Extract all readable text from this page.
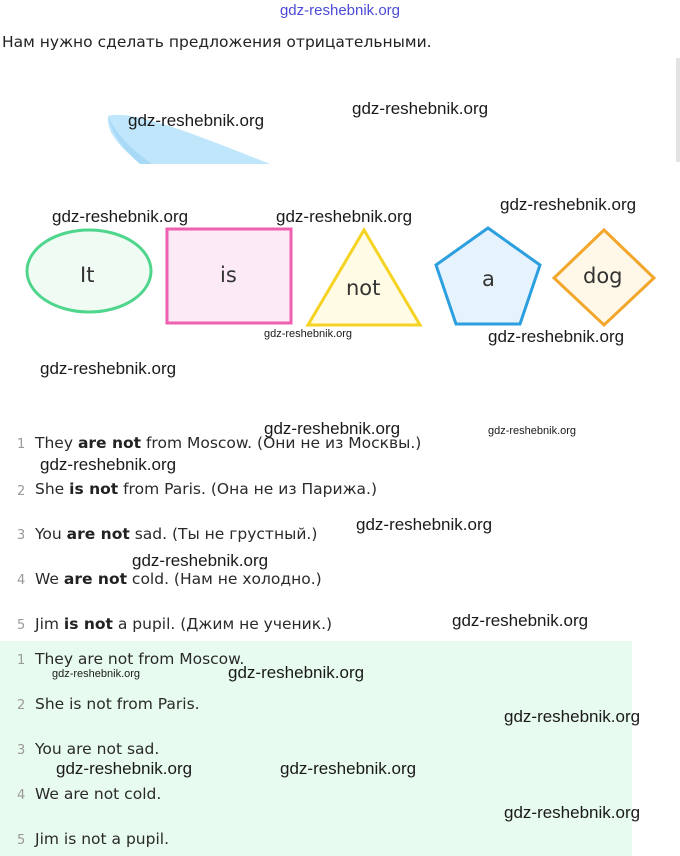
gdz-reshebnik.org
Нам нужно сделать предложения отрицательными.
It	is
not	a	dog
1 They are not from Moscow. (Они не из Москвы.)
2 She is not from Paris. (Она не из Парижа.)
3 You are not sad. (Ты не грустный.)
4 We are not cold. (Нам не холодно.)
5 Jim is not a pupil. (Джим не ученик.)
1 They are not from Moscow.
2 She is not from Paris.
3 You are not sad.
4 We are not cold.
5 Jim is not a pupil.
gdz-reshebnik.org
gdz-reshebnik.org
gdz-reshebnik.org	gdz-reshebnik.org
gdz-reshebnik.org
gdz-reshebnik.org	gdz-reshebnik.org
gdz-reshebnik.org
gdz-reshebnik.org	gdz-reshebnik.org
gdz-reshebnik.org
gdz-reshebnik.org
gdz-reshebnik.org
gdz-reshebnik.org
gdz-reshebnik.org	gdz-reshebnik.org
gdz-reshebnik.org
gdz-reshebnik.org	gdz-reshebnik.org
gdz-reshebnik.org
